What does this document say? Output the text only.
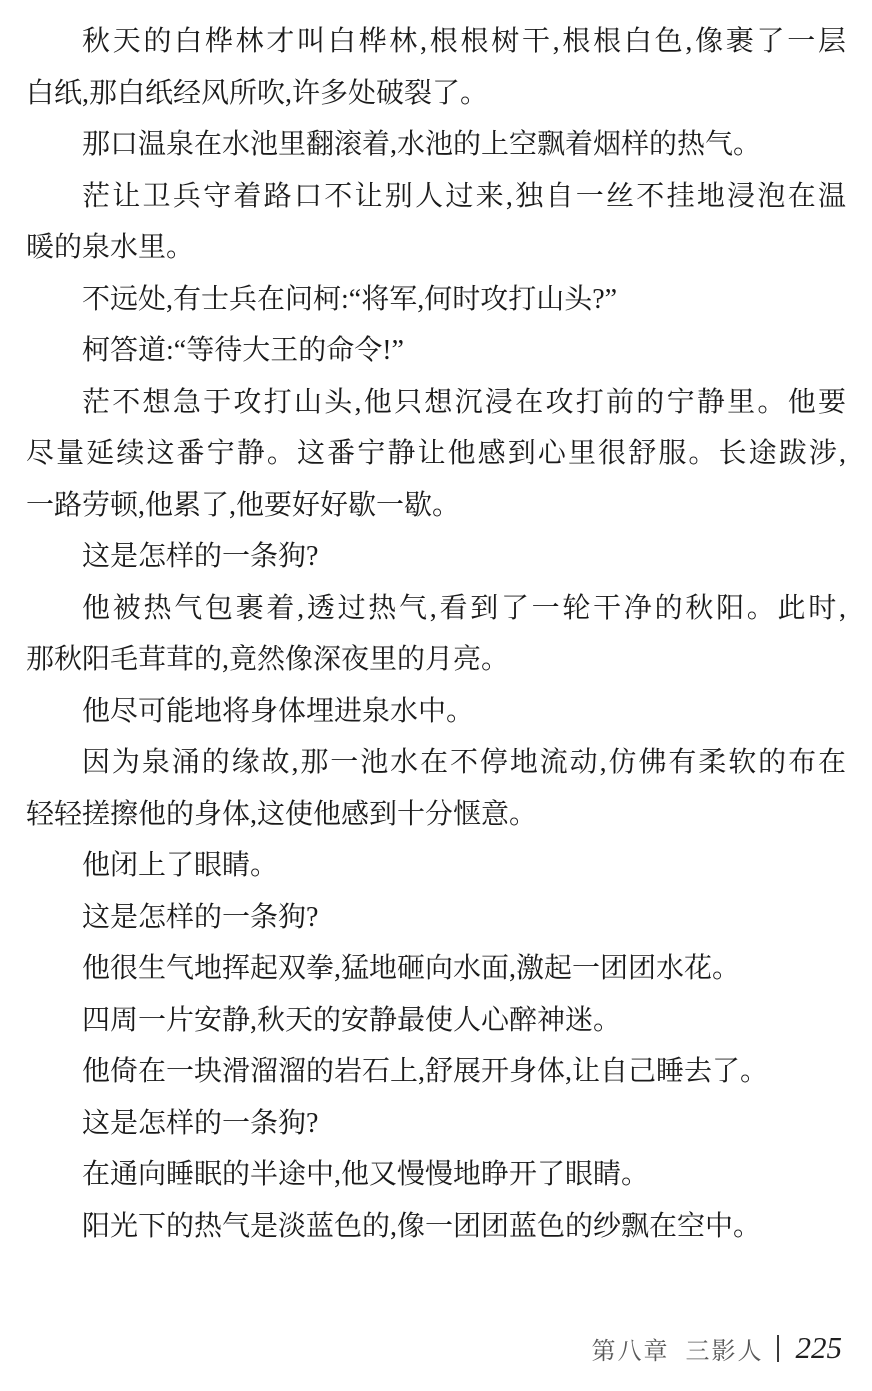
秋天的白桦林才叫白桦林,根根树干,根根白色,像裹了一层
白纸,那白纸经风所吹,许多处破裂了。
那口温泉在水池里翻滚着,水池的上空飘着烟样的热气。
茫让卫兵守着路口不让别人过来,独自一丝不挂地浸泡在温
暖的泉水里。
不远处,有士兵在问柯:“将军,何时攻打山头?”
柯答道:“等待大王的命令!”
茫不想急于攻打山头,他只想沉浸在攻打前的宁静里。他要
尽量延续这番宁静。这番宁静让他感到心里很舒服。长途跋涉,
一路劳顿,他累了,他要好好歇一歇。
这是怎样的一条狗?
他被热气包裹着,透过热气,看到了一轮干净的秋阳。此时,
那秋阳毛茸茸的,竟然像深夜里的月亮。
他尽可能地将身体埋进泉水中。
因为泉涌的缘故,那一池水在不停地流动,仿佛有柔软的布在
轻轻搓擦他的身体,这使他感到十分惬意。
他闭上了眼睛。
这是怎样的一条狗?
他很生气地挥起双拳,猛地砸向水面,激起一团团水花。
四周一片安静,秋天的安静最使人心醉神迷。
他倚在一块滑溜溜的岩石上,舒展开身体,让自己睡去了。
这是怎样的一条狗?
在通向睡眠的半途中,他又慢慢地睁开了眼睛。
阳光下的热气是淡蓝色的,像一团团蓝色的纱飘在空中。
第八章 三影人 225
